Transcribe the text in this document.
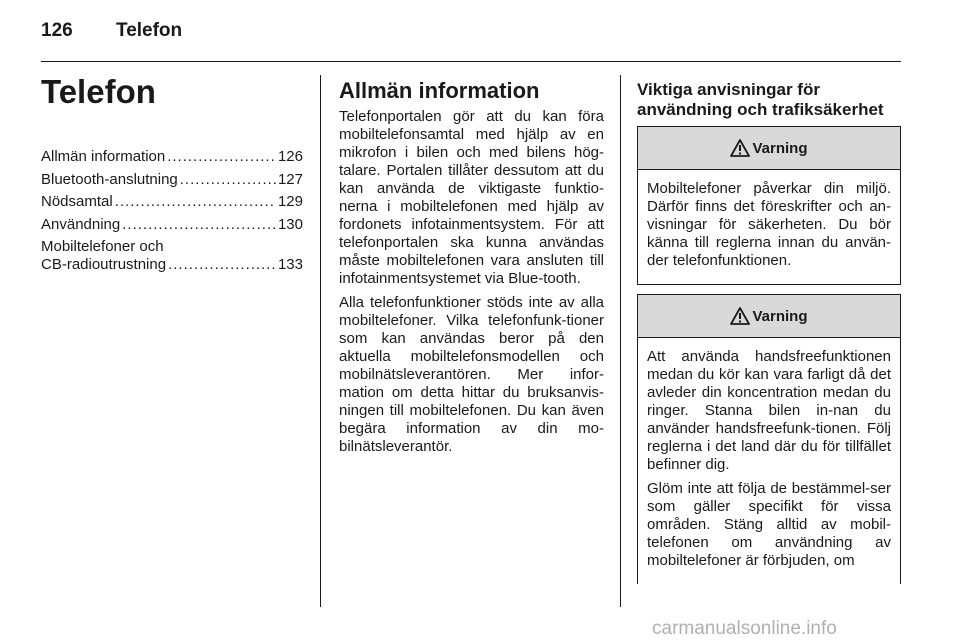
126 Telefon
Telefon
Allmän information .....	126
Bluetooth-anslutning .....	127
Nödsamtal .....	129
Användning .....	130
Mobiltelefoner och
CB-radioutrustning .....	133
Allmän information

Telefonportalen gör att du kan föra mobiltelefonsamtal med hjälp av en mikrofon i bilen och med bilens hög-talare. Portalen tillåter dessutom att du kan använda de viktigaste funktio-nerna i mobiltelefonen med hjälp av fordonets infotainmentsystem. För att telefonportalen ska kunna användas måste mobiltelefonen vara ansluten till infotainmentsystemet via Blue-tooth.

Alla telefonfunktioner stöds inte av alla mobiltelefoner. Vilka telefonfunk-tioner som kan användas beror på den aktuella mobiltelefonsmodellen och mobilnätsleverantören. Mer infor-mation om detta hittar du bruksanvis-ningen till mobiltelefonen. Du kan även begära information av din mo-bilnätsleverantör.

Viktiga anvisningar för användning och trafiksäkerhet
Varning

Mobiltelefoner påverkar din miljö. Därför finns det föreskrifter och an-visningar för säkerheten. Du bör känna till reglerna innan du använ-der telefonfunktionen.

Varning

Att använda handsfreefunktionen medan du kör kan vara farligt då det avleder din koncentration medan du ringer. Stanna bilen in-nan du använder handsfreefunk-tionen. Följ reglerna i det land där du för tillfället befinner dig.

Glöm inte att följa de bestämmel-ser som gäller specifikt för vissa områden. Stäng alltid av mobil-telefonen om användning av mobiltelefoner är förbjuden, om

carmanualsonline.info
